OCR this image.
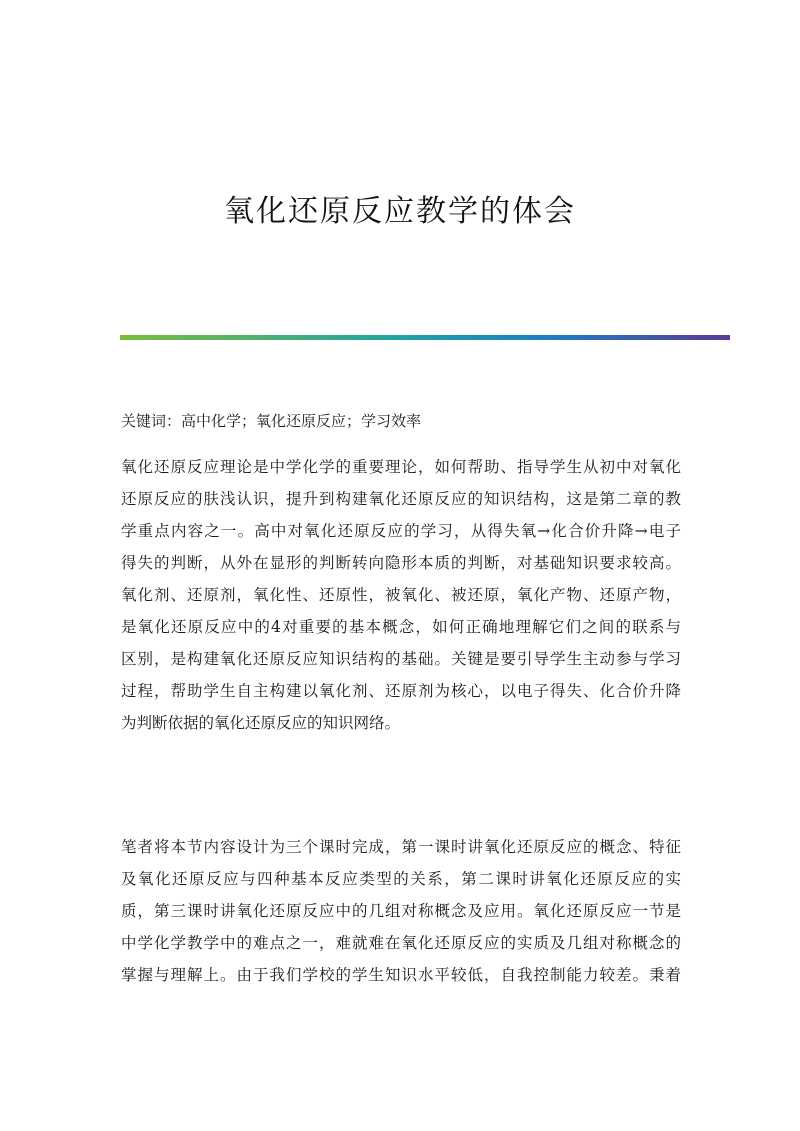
氧化还原反应教学的体会
关键词：高中化学；氧化还原反应；学习效率
氧化还原反应理论是中学化学的重要理论，如何帮助、指导学生从初中对氧化
还原反应的肤浅认识，提升到构建氧化还原反应的知识结构，这是第二章的教
学重点内容之一。高中对氧化还原反应的学习，从得失氧→化合价升降→电子
得失的判断，从外在显形的判断转向隐形本质的判断，对基础知识要求较高。
氧化剂、还原剂，氧化性、还原性，被氧化、被还原，氧化产物、还原产物，
是氧化还原反应中的4对重要的基本概念，如何正确地理解它们之间的联系与
区别，是构建氧化还原反应知识结构的基础。关键是要引导学生主动参与学习
过程，帮助学生自主构建以氧化剂、还原剂为核心，以电子得失、化合价升降
为判断依据的氧化还原反应的知识网络。
笔者将本节内容设计为三个课时完成，第一课时讲氧化还原反应的概念、特征
及氧化还原反应与四种基本反应类型的关系，第二课时讲氧化还原反应的实
质，第三课时讲氧化还原反应中的几组对称概念及应用。氧化还原反应一节是
中学化学教学中的难点之一，难就难在氧化还原反应的实质及几组对称概念的
掌握与理解上。由于我们学校的学生知识水平较低，自我控制能力较差。秉着
